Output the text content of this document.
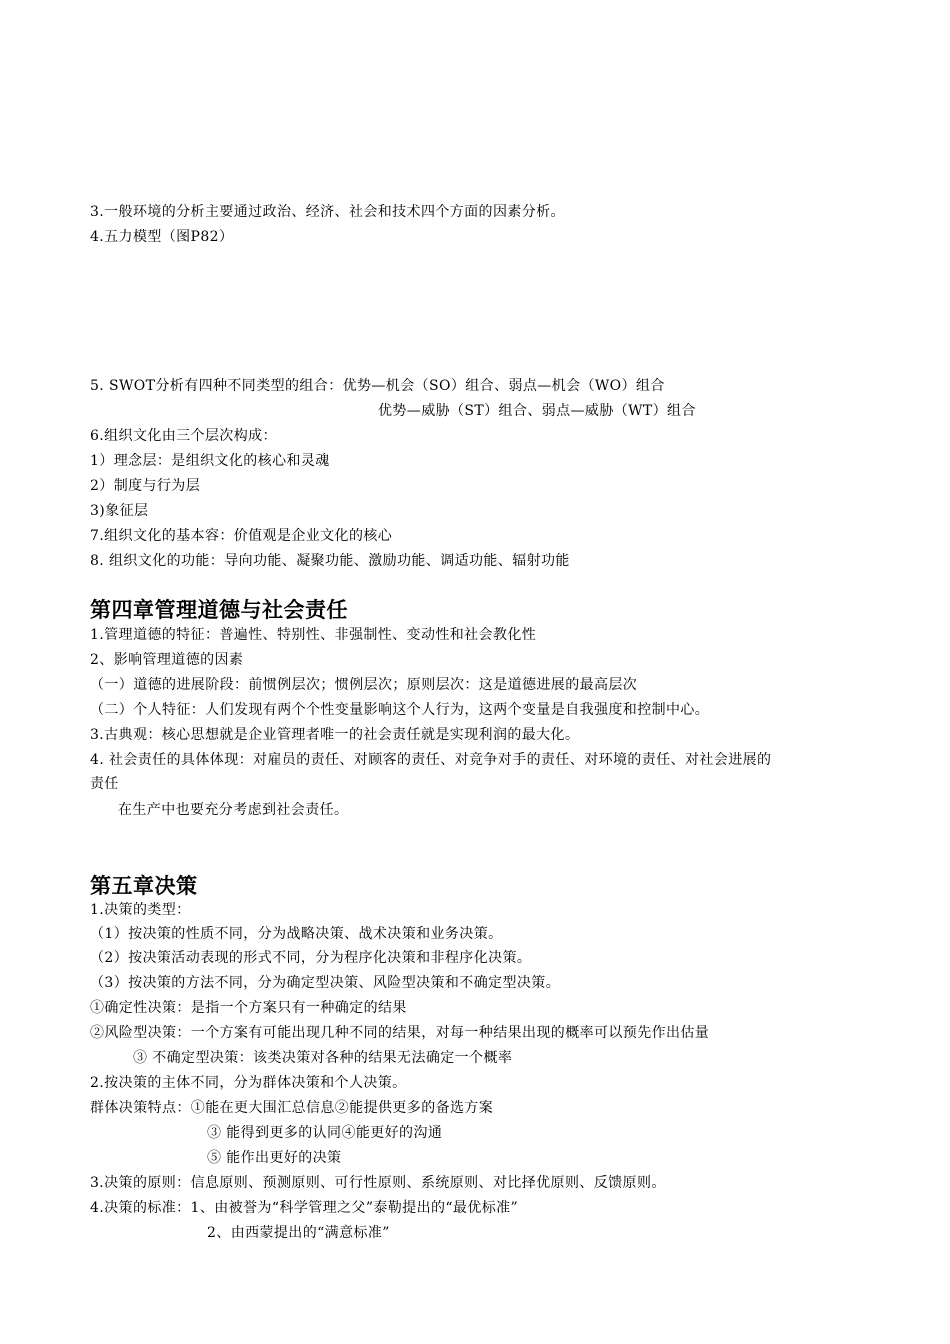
3.一般环境的分析主要通过政治、经济、社会和技术四个方面的因素分析。
4.五力模型（图P82）
5. SWOT分析有四种不同类型的组合：优势—机会（SO）组合、弱点—机会（WO）组合
优势—威胁（ST）组合、弱点—威胁（WT）组合
6.组织文化由三个层次构成：
1）理念层：是组织文化的核心和灵魂
2）制度与行为层
3)象征层
7.组织文化的基本容：价值观是企业文化的核心
8. 组织文化的功能：导向功能、凝聚功能、激励功能、调适功能、辐射功能
第四章管理道德与社会责任
1.管理道德的特征：普遍性、特别性、非强制性、变动性和社会教化性
2、影响管理道德的因素
（一）道德的进展阶段：前惯例层次；惯例层次；原则层次：这是道德进展的最高层次
（二）个人特征：人们发现有两个个性变量影响这个人行为，这两个变量是自我强度和控制中心。
3.古典观：核心思想就是企业管理者唯一的社会责任就是实现利润的最大化。
4. 社会责任的具体体现：对雇员的责任、对顾客的责任、对竞争对手的责任、对环境的责任、对社会进展的
责任
在生产中也要充分考虑到社会责任。
第五章决策
1.决策的类型：
（1）按决策的性质不同，分为战略决策、战术决策和业务决策。
（2）按决策活动表现的形式不同，分为程序化决策和非程序化决策。
（3）按决策的方法不同，分为确定型决策、风险型决策和不确定型决策。
①确定性决策：是指一个方案只有一种确定的结果
②风险型决策：一个方案有可能出现几种不同的结果，对每一种结果出现的概率可以预先作出估量
③ 不确定型决策：该类决策对各种的结果无法确定一个概率
2.按决策的主体不同，分为群体决策和个人决策。
群体决策特点：①能在更大围汇总信息②能提供更多的备选方案
③ 能得到更多的认同④能更好的沟通
⑤ 能作出更好的决策
3.决策的原则：信息原则、预测原则、可行性原则、系统原则、对比择优原则、反馈原则。
4.决策的标准：1、由被誉为“科学管理之父”泰勒提出的“最优标准”
2、由西蒙提出的“满意标准”
